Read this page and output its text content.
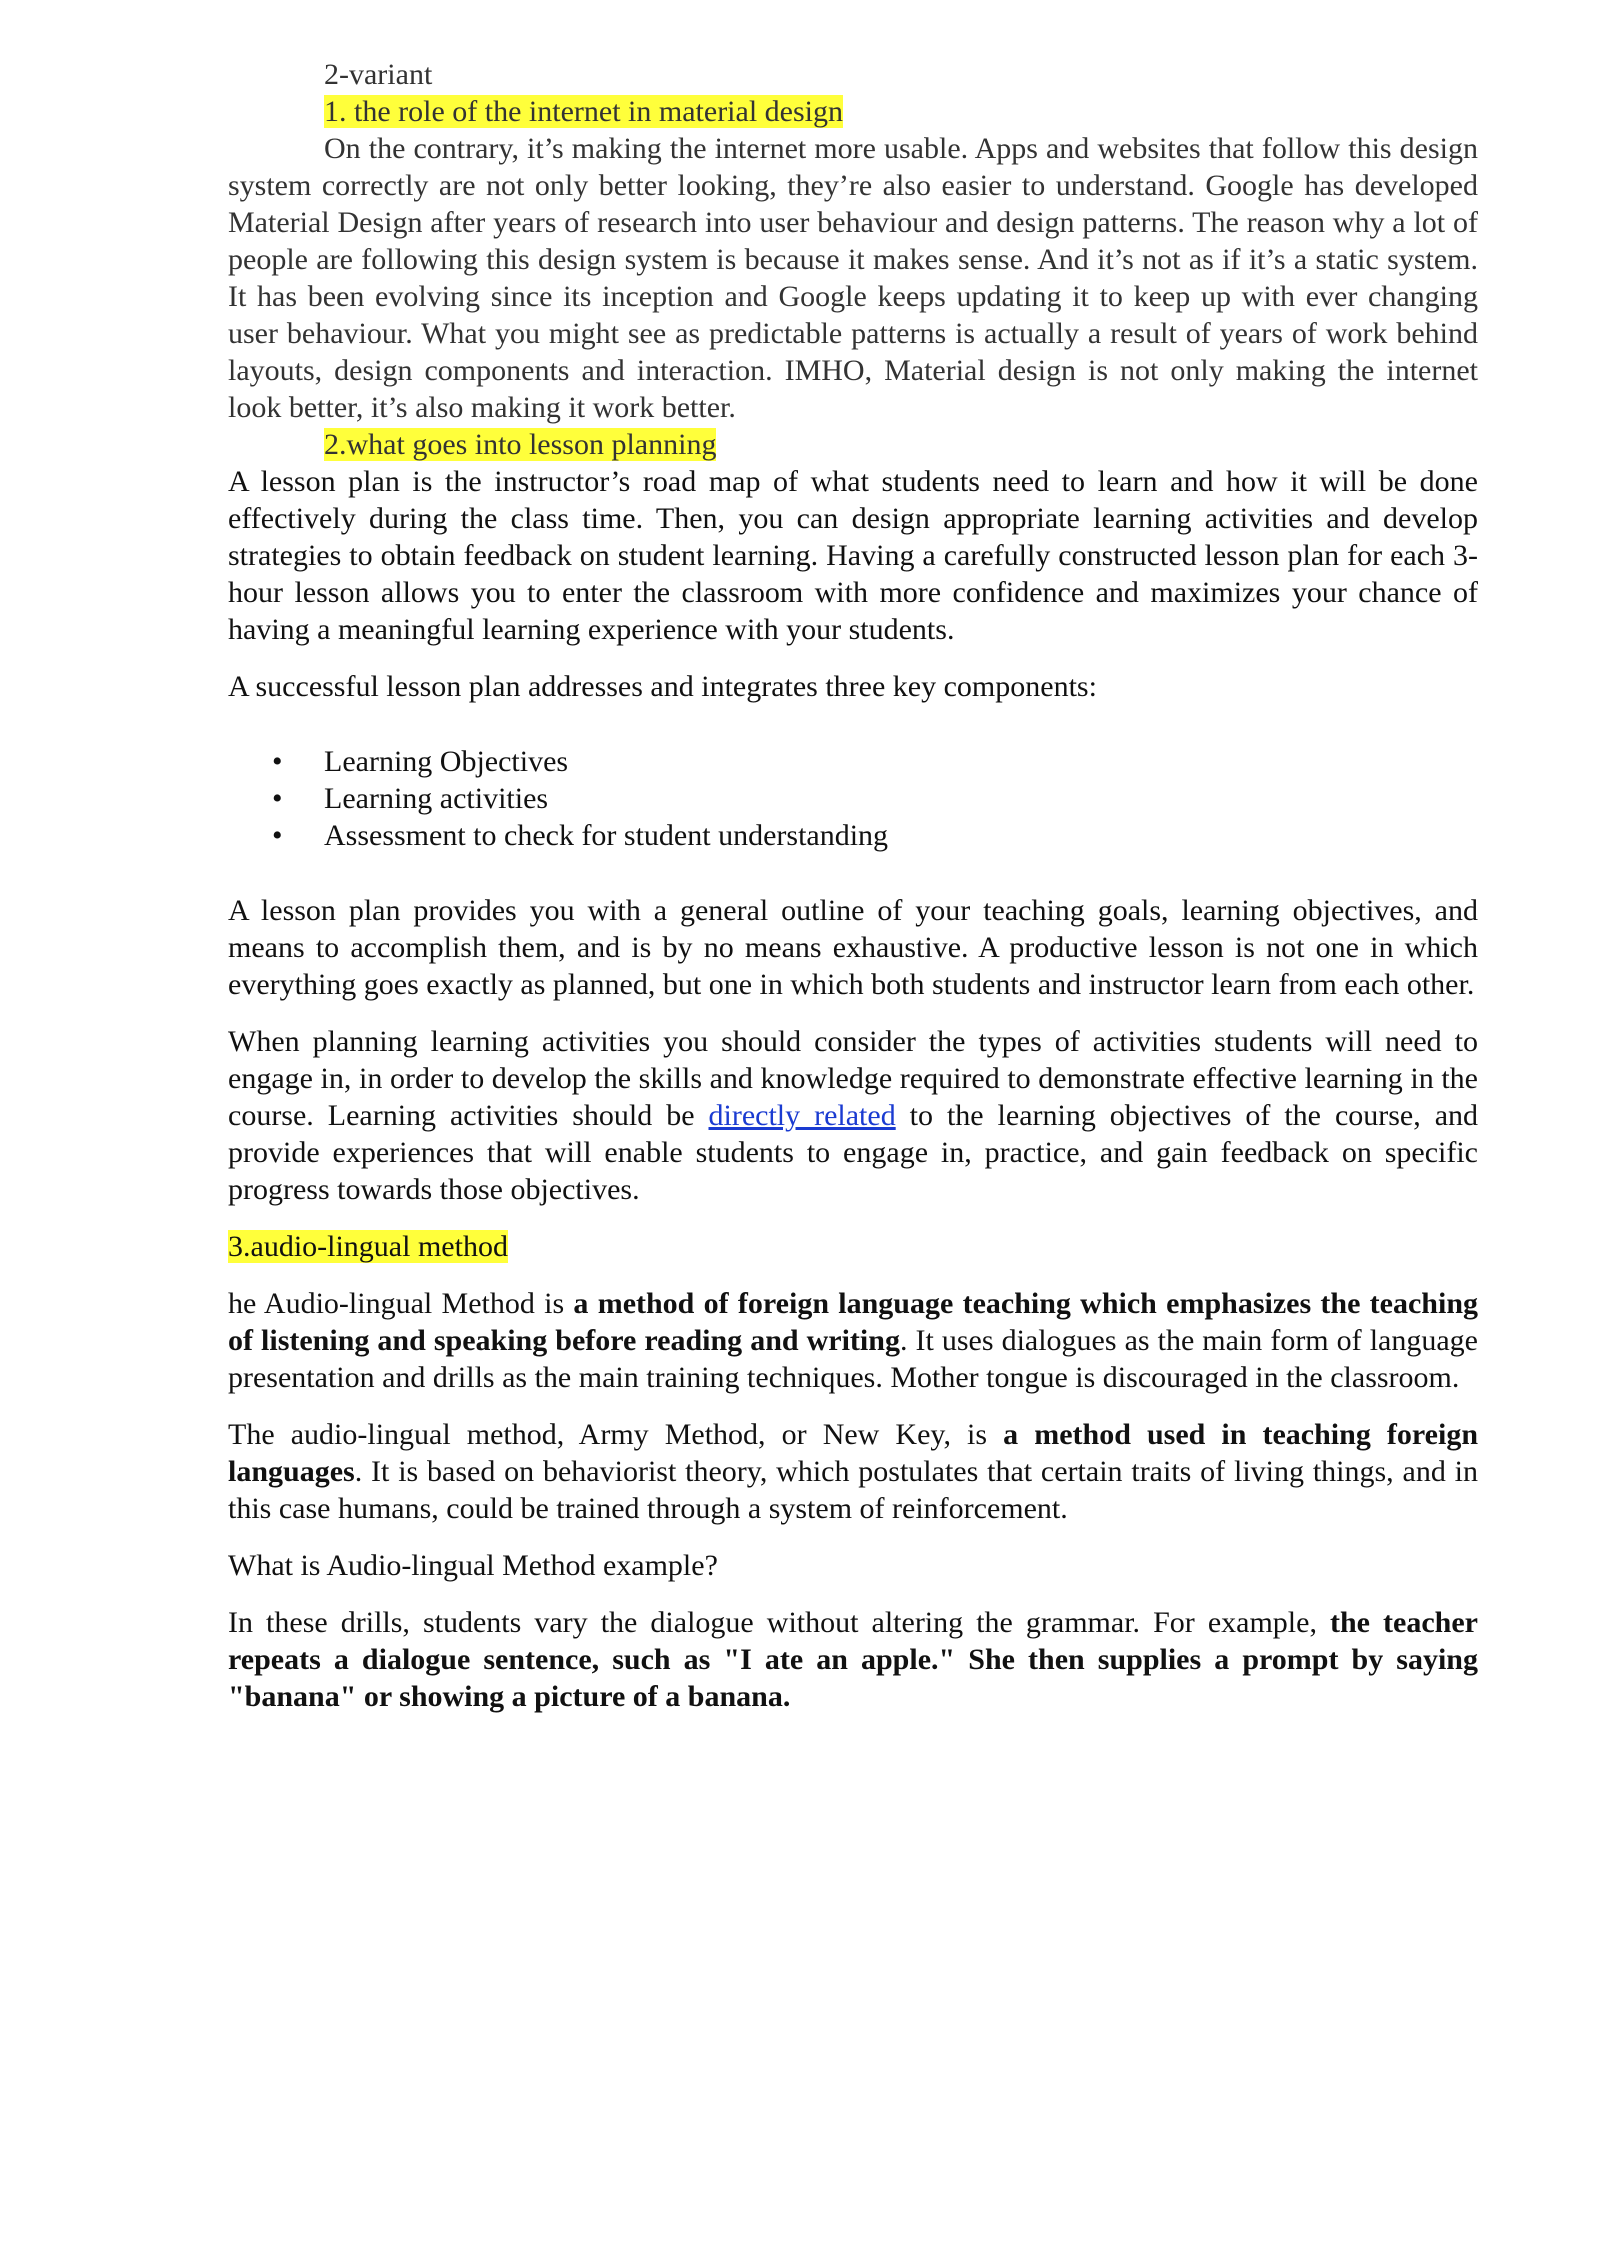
2-variant

1. the role of the internet in material design

On the contrary, it’s making the internet more usable. Apps and websites that follow this design system correctly are not only better looking, they’re also easier to understand. Google has developed Material Design after years of research into user behaviour and design patterns. The reason why a lot of people are following this design system is because it makes sense. And it’s not as if it’s a static system. It has been evolving since its inception and Google keeps updating it to keep up with ever changing user behaviour. What you might see as predictable patterns is actually a result of years of work behind layouts, design components and interaction. IMHO, Material design is not only making the internet look better, it’s also making it work better.

2.what goes into lesson planning

A lesson plan is the instructor’s road map of what students need to learn and how it will be done effectively during the class time. Then, you can design appropriate learning activities and develop strategies to obtain feedback on student learning. Having a carefully constructed lesson plan for each 3-hour lesson allows you to enter the classroom with more confidence and maximizes your chance of having a meaningful learning experience with your students.

A successful lesson plan addresses and integrates three key components:

• Learning Objectives
• Learning activities
• Assessment to check for student understanding

A lesson plan provides you with a general outline of your teaching goals, learning objectives, and means to accomplish them, and is by no means exhaustive. A productive lesson is not one in which everything goes exactly as planned, but one in which both students and instructor learn from each other.

When planning learning activities you should consider the types of activities students will need to engage in, in order to develop the skills and knowledge required to demonstrate effective learning in the course. Learning activities should be directly related to the learning objectives of the course, and provide experiences that will enable students to engage in, practice, and gain feedback on specific progress towards those objectives.

3.audio-lingual method

he Audio-lingual Method is a method of foreign language teaching which emphasizes the teaching of listening and speaking before reading and writing. It uses dialogues as the main form of language presentation and drills as the main training techniques. Mother tongue is discouraged in the classroom.

The audio-lingual method, Army Method, or New Key, is a method used in teaching foreign languages. It is based on behaviorist theory, which postulates that certain traits of living things, and in this case humans, could be trained through a system of reinforcement.

What is Audio-lingual Method example?

In these drills, students vary the dialogue without altering the grammar. For example, the teacher repeats a dialogue sentence, such as "I ate an apple." She then supplies a prompt by saying "banana" or showing a picture of a banana.
